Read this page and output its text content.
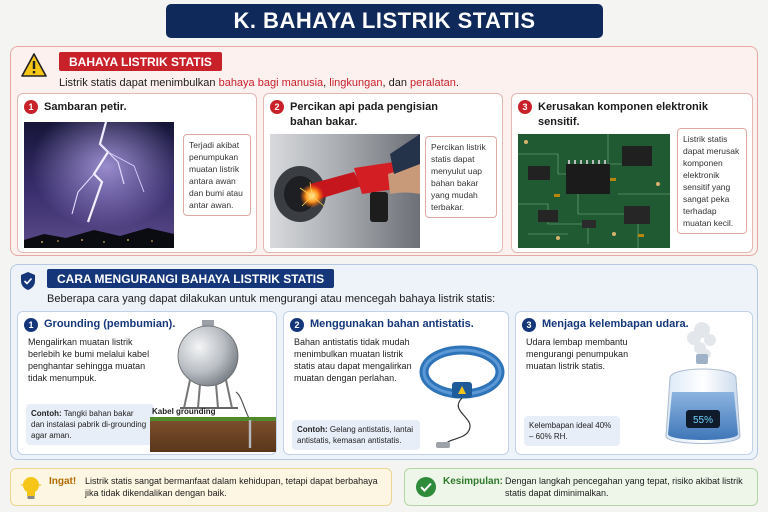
K. BAHAYA LISTRIK STATIS
BAHAYA LISTRIK STATIS
Listrik statis dapat menimbulkan bahaya bagi manusia, lingkungan, dan peralatan.
1 Sambaran petir.
Terjadi akibat penumpukan muatan listrik antara awan dan bumi atau antar awan.
2 Percikan api pada pengisian bahan bakar.
Percikan listrik statis dapat menyulut uap bahan bakar yang mudah terbakar.
3 Kerusakan komponen elektronik sensitif.
Listrik statis dapat merusak komponen elektronik sensitif yang sangat peka terhadap muatan kecil.
CARA MENGURANGI BAHAYA LISTRIK STATIS
Beberapa cara yang dapat dilakukan untuk mengurangi atau mencegah bahaya listrik statis:
1 Grounding (pembumian).
Mengalirkan muatan listrik berlebih ke bumi melalui kabel penghantar sehingga muatan tidak menumpuk.
Contoh: Tangki bahan bakar dan instalasi pabrik di-grounding agar aman.
Kabel grounding
2 Menggunakan bahan antistatis.
Bahan antistatis tidak mudah menimbulkan muatan listrik statis atau dapat mengalirkan muatan dengan perlahan.
Contoh: Gelang antistatis, lantai antistatis, kemasan antistatis.
3 Menjaga kelembapan udara.
Udara lembap membantu mengurangi penumpukan muatan listrik statis.
Kelembapan ideal 40% – 60% RH.
55%
Ingat! Listrik statis sangat bermanfaat dalam kehidupan, tetapi dapat berbahaya jika tidak dikendalikan dengan baik.
Kesimpulan: Dengan langkah pencegahan yang tepat, risiko akibat listrik statis dapat diminimalkan.
